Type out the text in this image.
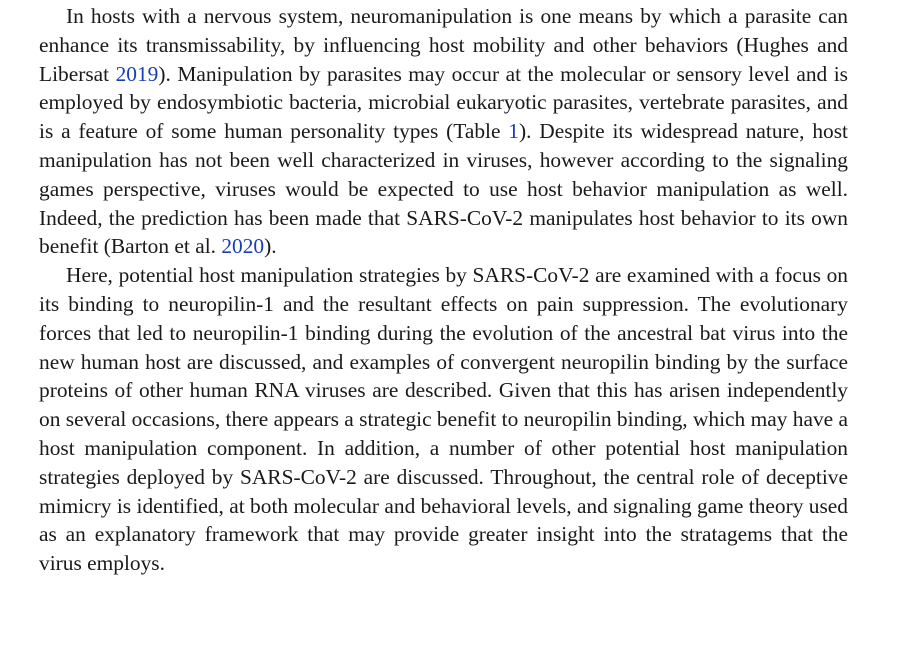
In hosts with a nervous system, neuromanipulation is one means by which a parasite can enhance its transmissability, by influencing host mobility and other behaviors (Hughes and Libersat 2019). Manipulation by parasites may occur at the molecular or sensory level and is employed by endosymbiotic bacteria, microbial eukaryotic parasites, vertebrate parasites, and is a feature of some human personality types (Table 1). Despite its widespread nature, host manipulation has not been well characterized in viruses, however according to the signaling games perspective, viruses would be expected to use host behavior manipulation as well. Indeed, the prediction has been made that SARS-CoV-2 manipulates host behavior to its own benefit (Barton et al. 2020).

Here, potential host manipulation strategies by SARS-CoV-2 are examined with a focus on its binding to neuropilin-1 and the resultant effects on pain suppression. The evolutionary forces that led to neuropilin-1 binding during the evolution of the ancestral bat virus into the new human host are discussed, and examples of convergent neuropilin binding by the surface proteins of other human RNA viruses are described. Given that this has arisen independently on several occasions, there appears a strategic benefit to neuropilin binding, which may have a host manipulation component. In addition, a number of other potential host manipulation strategies deployed by SARS-CoV-2 are discussed. Throughout, the central role of deceptive mimicry is identified, at both molecular and behavioral levels, and signaling game theory used as an explanatory framework that may provide greater insight into the stratagems that the virus employs.
